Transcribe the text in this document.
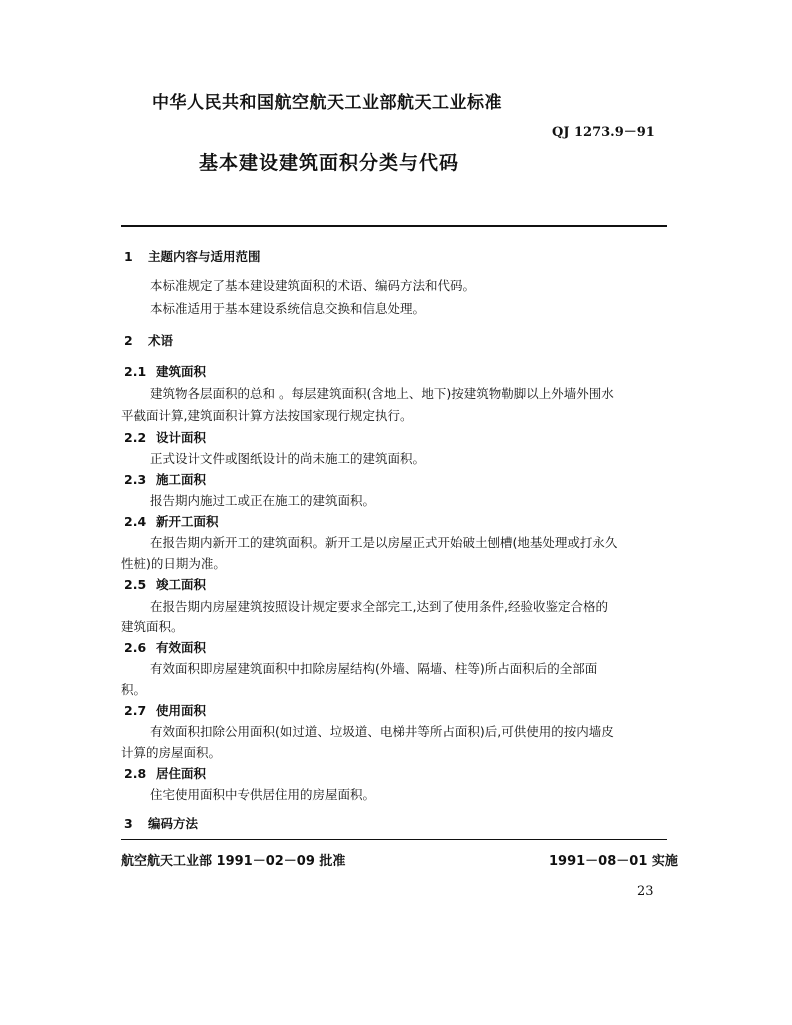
中华人民共和国航空航天工业部航天工业标准
QJ 1273.9－91
基本建设建筑面积分类与代码
1 主题内容与适用范围
本标准规定了基本建设建筑面积的术语、编码方法和代码。
本标准适用于基本建设系统信息交换和信息处理。
2 术语
2.1 建筑面积
建筑物各层面积的总和 。每层建筑面积(含地上、地下)按建筑物勒脚以上外墙外围水
平截面计算,建筑面积计算方法按国家现行规定执行。
2.2 设计面积
正式设计文件或图纸设计的尚未施工的建筑面积。
2.3 施工面积
报告期内施过工或正在施工的建筑面积。
2.4 新开工面积
在报告期内新开工的建筑面积。新开工是以房屋正式开始破土刨槽(地基处理或打永久
性桩)的日期为准。
2.5 竣工面积
在报告期内房屋建筑按照设计规定要求全部完工,达到了使用条件,经验收鉴定合格的
建筑面积。
2.6 有效面积
有效面积即房屋建筑面积中扣除房屋结构(外墙、隔墙、柱等)所占面积后的全部面
积。
2.7 使用面积
有效面积扣除公用面积(如过道、垃圾道、电梯井等所占面积)后,可供使用的按内墙皮
计算的房屋面积。
2.8 居住面积
住宅使用面积中专供居住用的房屋面积。
3 编码方法
航空航天工业部 1991－02－09 批准	1991－08－01 实施
23
